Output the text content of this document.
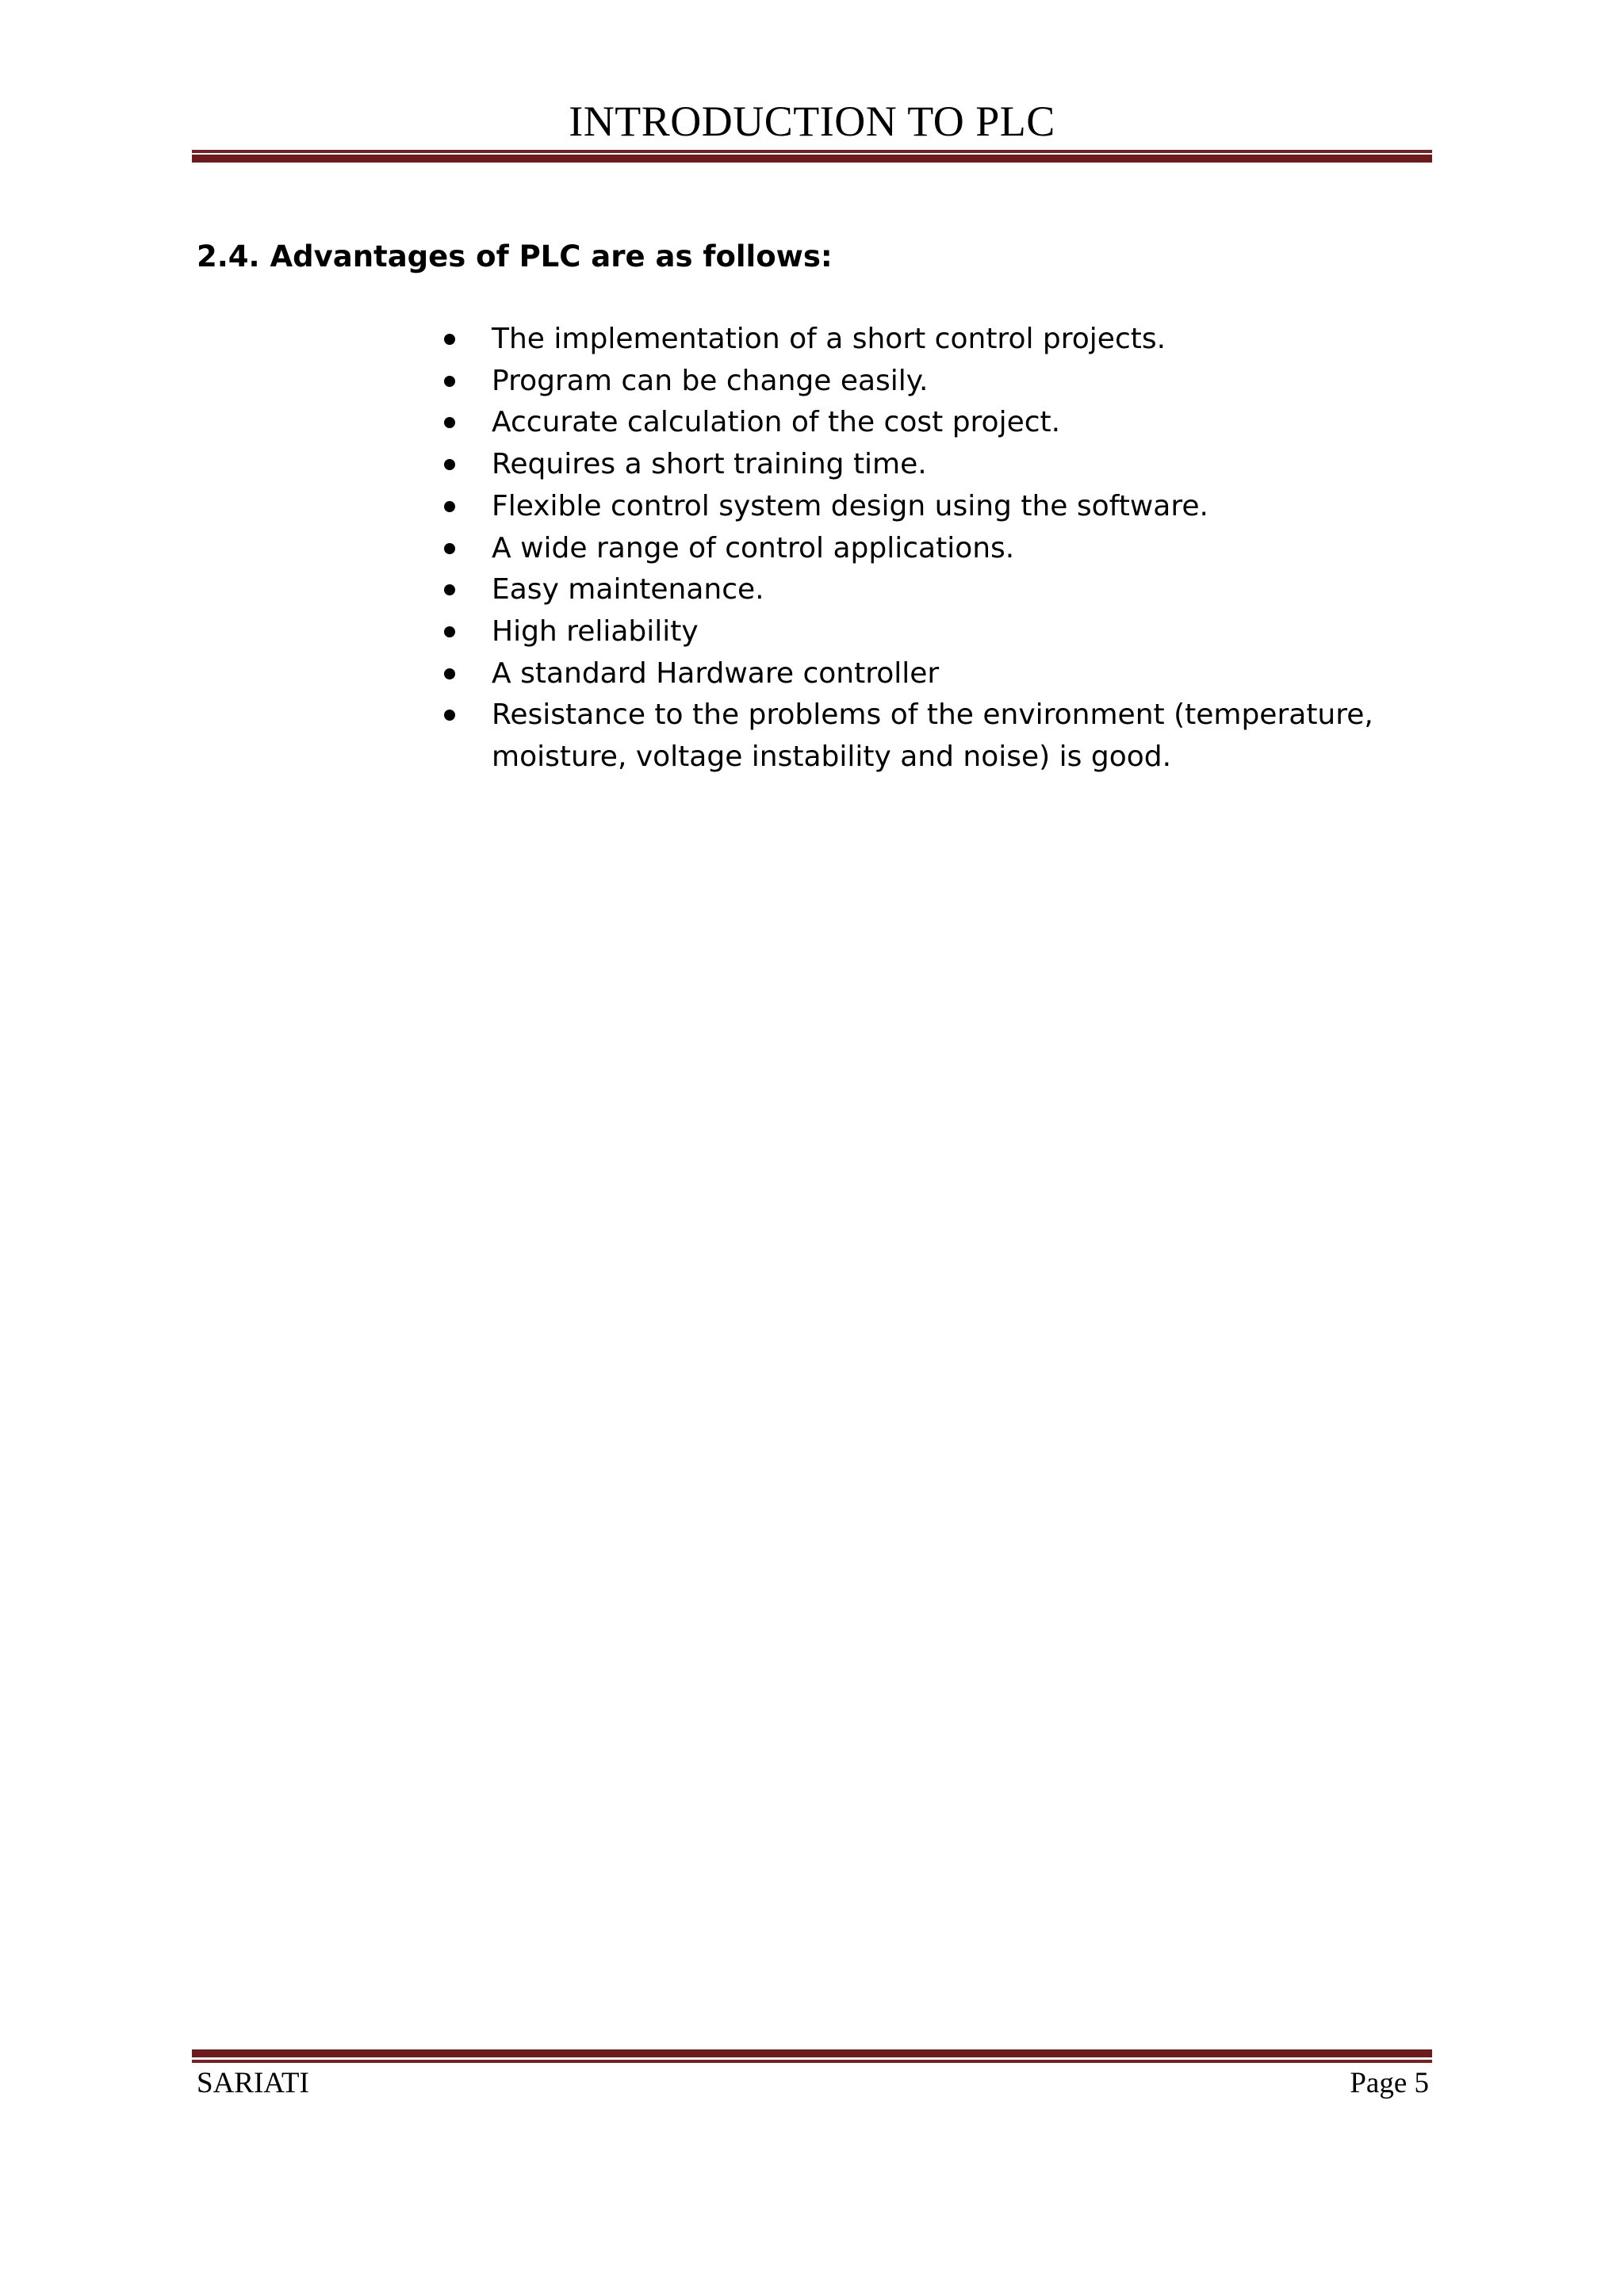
INTRODUCTION TO PLC
2.4. Advantages of PLC are as follows:
The implementation of a short control projects.
Program can be change easily.
Accurate calculation of the cost project.
Requires a short training time.
Flexible control system design using the software.
A wide range of control applications.
Easy maintenance.
High reliability
A standard Hardware controller
Resistance to the problems of the environment (temperature, moisture, voltage instability and noise) is good.
SARIATI	Page 5
